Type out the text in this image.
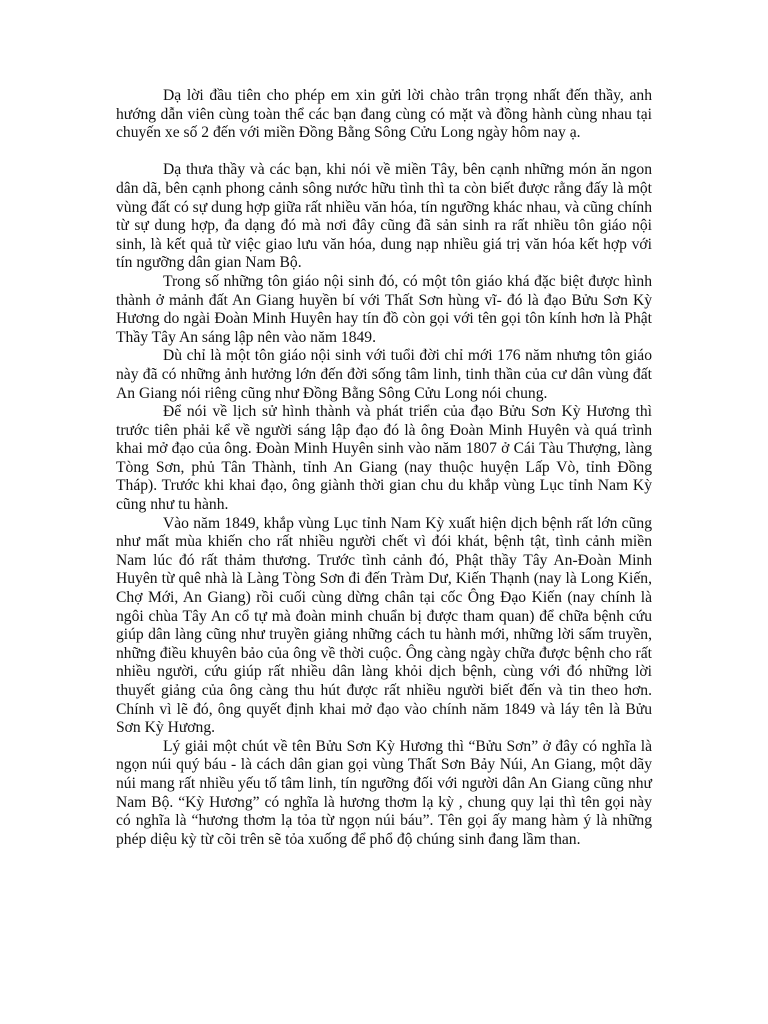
Dạ lời đầu tiên cho phép em xin gửi lời chào trân trọng nhất đến thầy, anh hướng dẫn viên cùng toàn thể các bạn đang cùng có mặt và đồng hành cùng nhau tại chuyến xe số 2 đến với miền Đồng Bằng Sông Cửu Long ngày hôm nay ạ.

Dạ thưa thầy và các bạn, khi nói về miền Tây, bên cạnh những món ăn ngon dân dã, bên cạnh phong cảnh sông nước hữu tình thì ta còn biết được rằng đấy là một vùng đất có sự dung hợp giữa rất nhiều văn hóa, tín ngưỡng khác nhau, và cũng chính từ sự dung hợp, đa dạng đó mà nơi đây cũng đã sản sinh ra rất nhiều tôn giáo nội sinh, là kết quả từ việc giao lưu văn hóa, dung nạp nhiều giá trị văn hóa kết hợp với tín ngưỡng dân gian Nam Bộ.

Trong số những tôn giáo nội sinh đó, có một tôn giáo khá đặc biệt được hình thành ở mảnh đất An Giang huyền bí với Thất Sơn hùng vĩ- đó là đạo Bửu Sơn Kỳ Hương do ngài Đoàn Minh Huyên hay tín đồ còn gọi với tên gọi tôn kính hơn là Phật Thầy Tây An sáng lập nên vào năm 1849.

Dù chỉ là một tôn giáo nội sinh với tuổi đời chỉ mới 176 năm nhưng tôn giáo này đã có những ảnh hưởng lớn đến đời sống tâm linh, tinh thần của cư dân vùng đất An Giang nói riêng cũng như Đồng Bằng Sông Cửu Long nói chung.

Để nói về lịch sử hình thành và phát triển của đạo Bửu Sơn Kỳ Hương thì trước tiên phải kể về người sáng lập đạo đó là ông Đoàn Minh Huyên và quá trình khai mở đạo của ông. Đoàn Minh Huyên sinh vào năm 1807 ở Cái Tàu Thượng, làng Tòng Sơn, phủ Tân Thành, tỉnh An Giang (nay thuộc huyện Lấp Vò, tỉnh Đồng Tháp). Trước khi khai đạo, ông giành thời gian chu du khắp vùng Lục tỉnh Nam Kỳ cũng như tu hành.

Vào năm 1849, khắp vùng Lục tỉnh Nam Kỳ xuất hiện dịch bệnh rất lớn cũng như mất mùa khiến cho rất nhiều người chết vì đói khát, bệnh tật, tình cảnh miền Nam lúc đó rất thảm thương. Trước tình cảnh đó, Phật thầy Tây An-Đoàn Minh Huyên từ quê nhà là Làng Tòng Sơn đi đến Tràm Dư, Kiến Thạnh (nay là Long Kiến, Chợ Mới, An Giang) rồi cuối cùng dừng chân tại cốc Ông Đạo Kiến (nay chính là ngôi chùa Tây An cổ tự mà đoàn minh chuẩn bị được tham quan) để chữa bệnh cứu giúp dân làng cũng như truyền giảng những cách tu hành mới, những lời sấm truyền, những điều khuyên bảo của ông về thời cuộc. Ông càng ngày chữa được bệnh cho rất nhiều người, cứu giúp rất nhiều dân làng khỏi dịch bệnh, cùng với đó những lời thuyết giảng của ông càng thu hút được rất nhiều người biết đến và tin theo hơn. Chính vì lẽ đó, ông quyết định khai mở đạo vào chính năm 1849 và láy tên là Bửu Sơn Kỳ Hương.

Lý giải một chút về tên Bửu Sơn Kỳ Hương thì “Bửu Sơn” ở đây có nghĩa là ngọn núi quý báu - là cách dân gian gọi vùng Thất Sơn Bảy Núi, An Giang, một dãy núi mang rất nhiều yếu tố tâm linh, tín ngưỡng đối với người dân An Giang cũng như Nam Bộ. “Kỳ Hương” có nghĩa là hương thơm lạ kỳ , chung quy lại thì tên gọi này có nghĩa là “hương thơm lạ tỏa từ ngọn núi báu”. Tên gọi ấy mang hàm ý là những phép diệu kỳ từ cõi trên sẽ tỏa xuống để phổ độ chúng sinh đang lầm than.
